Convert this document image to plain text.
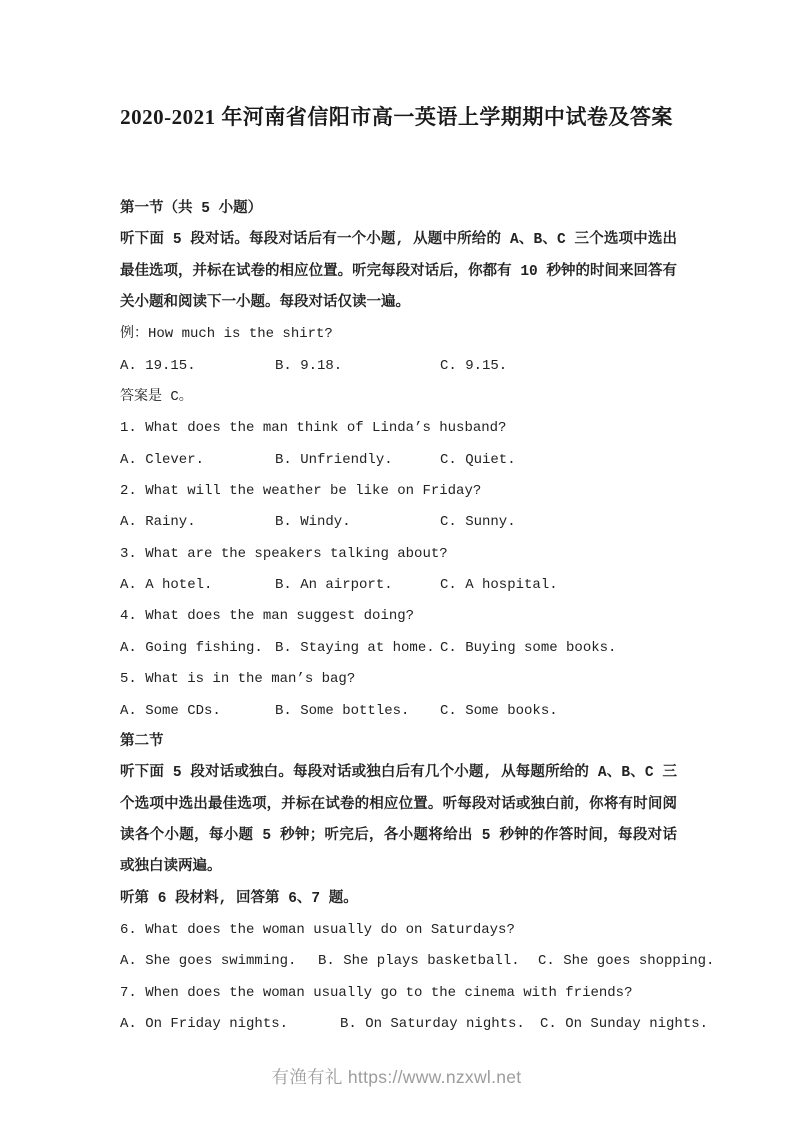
2020-2021 年河南省信阳市高一英语上学期期中试卷及答案
第一节（共 5 小题）

听下面 5 段对话。每段对话后有一个小题, 从题中所给的 A、B、C 三个选项中选出最佳选项，并标在试卷的相应位置。听完每段对话后，你都有 10 秒钟的时间来回答有关小题和阅读下一小题。每段对话仅读一遍。

例：How much is the shirt?
A. 19.15.	B. 9.18.	C. 9.15.
答案是 C。
1. What does the man think of Linda’s husband?
A. Clever.	B. Unfriendly.	C. Quiet.
2. What will the weather be like on Friday?
A. Rainy.	B. Windy.	C. Sunny.
3. What are the speakers talking about?
A. A hotel.	B. An airport.	C. A hospital.
4. What does the man suggest doing?
A. Going fishing. B. Staying at home. C. Buying some books.
5. What is in the man’s bag?
A. Some CDs.	B. Some bottles.	C. Some books.
第二节

听下面 5 段对话或独白。每段对话或独白后有几个小题, 从每题所给的 A、B、C 三个选项中选出最佳选项，并标在试卷的相应位置。听每段对话或独白前，你将有时间阅读各个小题，每小题 5 秒钟；听完后，各小题将给出 5 秒钟的作答时间，每段对话或独白读两遍。

听第 6 段材料, 回答第 6、7 题。
6. What does the woman usually do on Saturdays?
A. She goes swimming.	B. She plays basketball.	C. She goes shopping.
7. When does the woman usually go to the cinema with friends?
A. On Friday nights.	B. On Saturday nights.	C. On Sunday nights.
有渔有礼 https://www.nzxwl.net
